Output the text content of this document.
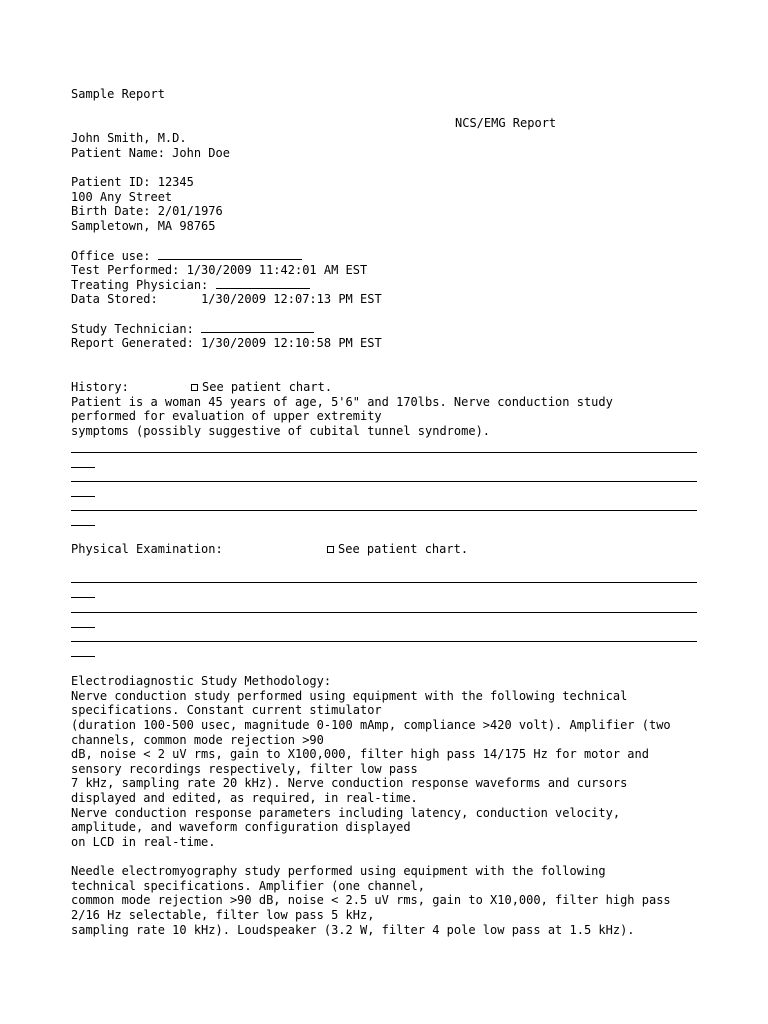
Sample Report
NCS/EMG Report
John Smith, M.D.
Patient Name: John Doe
Patient ID: 12345
100 Any Street
Birth Date: 2/01/1976
Sampletown, MA 98765
Office use:
Test Performed: 1/30/2009 11:42:01 AM EST
Treating Physician:
Data Stored:	1/30/2009 12:07:13 PM EST
Study Technician:
Report Generated: 1/30/2009 12:10:58 PM EST
History:	See patient chart.
Patient is a woman 45 years of age, 5'6" and 170lbs. Nerve conduction study
performed for evaluation of upper extremity
symptoms (possibly suggestive of cubital tunnel syndrome).
Physical Examination:	See patient chart.
Electrodiagnostic Study Methodology:
Nerve conduction study performed using equipment with the following technical
specifications. Constant current stimulator
(duration 100-500 usec, magnitude 0-100 mAmp, compliance >420 volt). Amplifier (two
channels, common mode rejection >90
dB, noise < 2 uV rms, gain to X100,000, filter high pass 14/175 Hz for motor and
sensory recordings respectively, filter low pass
7 kHz, sampling rate 20 kHz). Nerve conduction response waveforms and cursors
displayed and edited, as required, in real-time.
Nerve conduction response parameters including latency, conduction velocity,
amplitude, and waveform configuration displayed
on LCD in real-time.
Needle electromyography study performed using equipment with the following
technical specifications. Amplifier (one channel,
common mode rejection >90 dB, noise < 2.5 uV rms, gain to X10,000, filter high pass
2/16 Hz selectable, filter low pass 5 kHz,
sampling rate 10 kHz). Loudspeaker (3.2 W, filter 4 pole low pass at 1.5 kHz).
